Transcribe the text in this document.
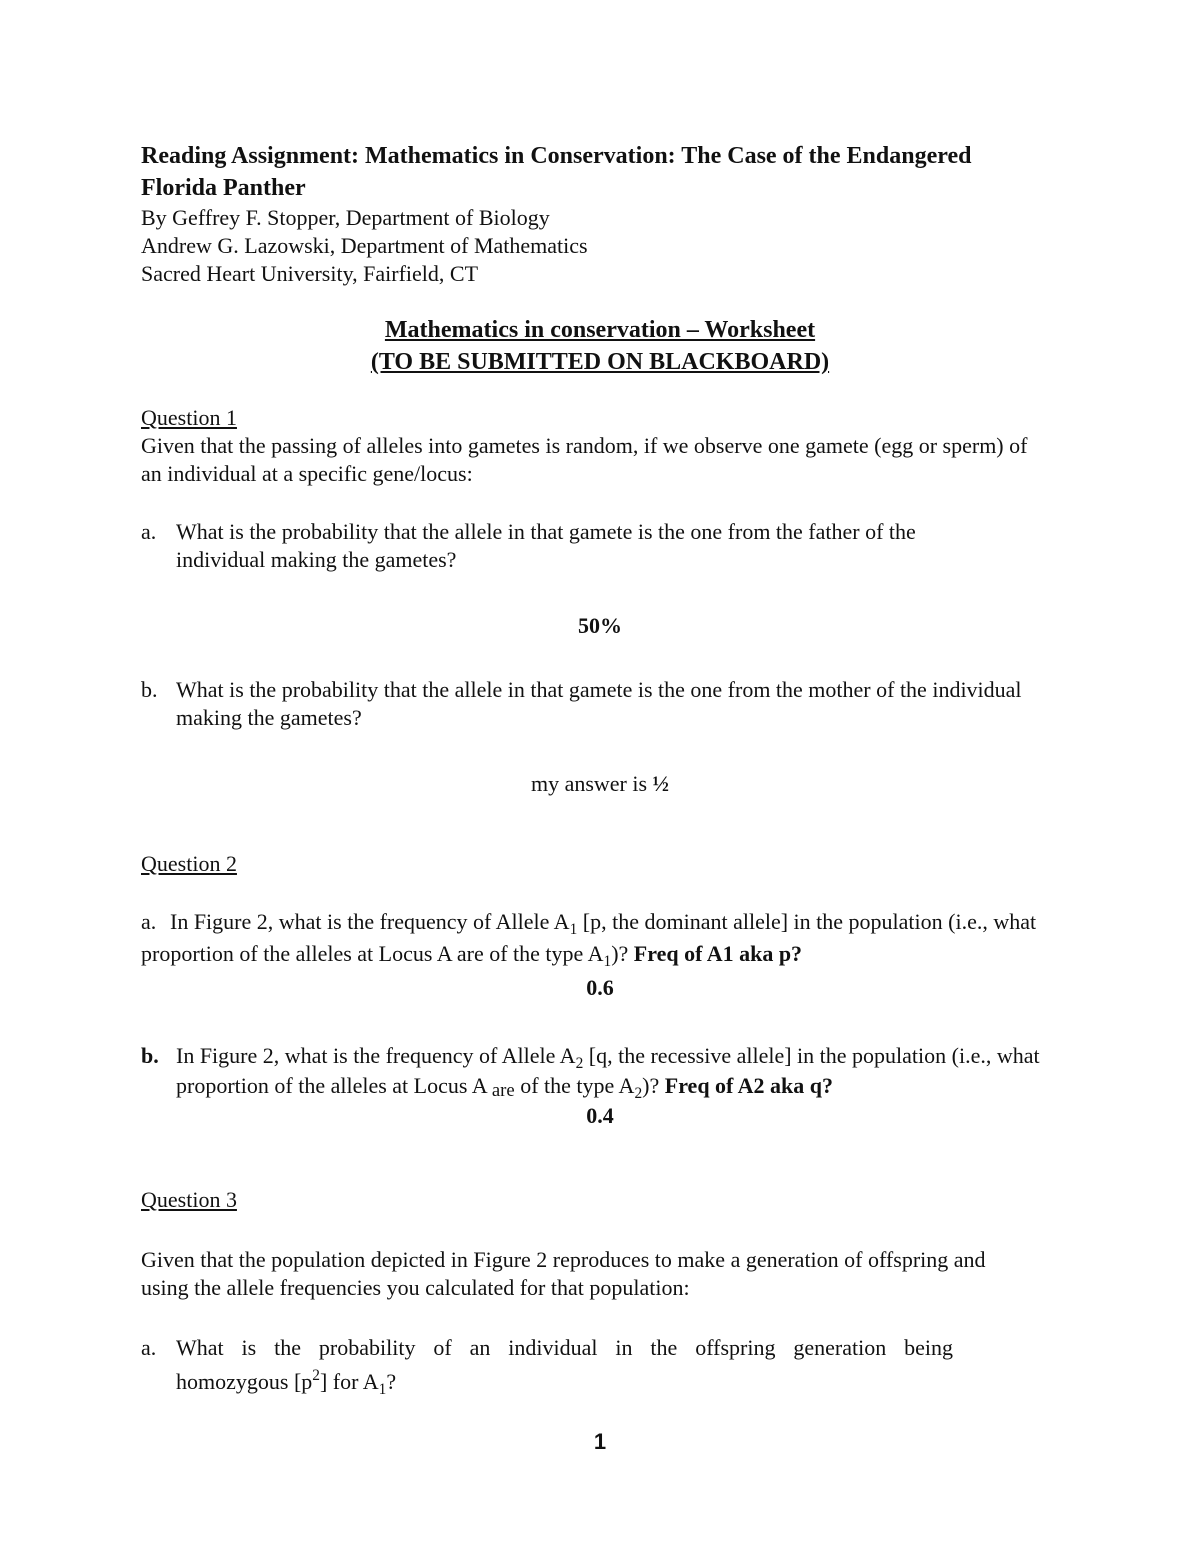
Reading Assignment: Mathematics in Conservation: The Case of the Endangered
Florida Panther
By Geffrey F. Stopper, Department of Biology
Andrew G. Lazowski, Department of Mathematics
Sacred Heart University, Fairfield, CT
Mathematics in conservation – Worksheet
(TO BE SUBMITTED ON BLACKBOARD)
Question 1
Given that the passing of alleles into gametes is random, if we observe one gamete (egg or sperm) of
an individual at a specific gene/locus:
a. What is the probability that the allele in that gamete is the one from the father of the
individual making the gametes?
50%
b. What is the probability that the allele in that gamete is the one from the mother of the individual
making the gametes?
my answer is ½
Question 2
a. In Figure 2, what is the frequency of Allele $A_1$ [p, the dominant allele] in the population (i.e., what
proportion of the alleles at Locus A are of the type $A_1$)? Freq of A1 aka p?
0.6
b. In Figure 2, what is the frequency of Allele $A_2$ [q, the recessive allele] in the population (i.e., what
proportion of the alleles at Locus A $_{are}$ of the type $A_2$)? Freq of A2 aka q?
0.4
Question 3
Given that the population depicted in Figure 2 reproduces to make a generation of offspring and
using the allele frequencies you calculated for that population:
a. What is the probability of an individual in the offspring generation being
homozygous $[p^2]$ for $A_1$?
1
